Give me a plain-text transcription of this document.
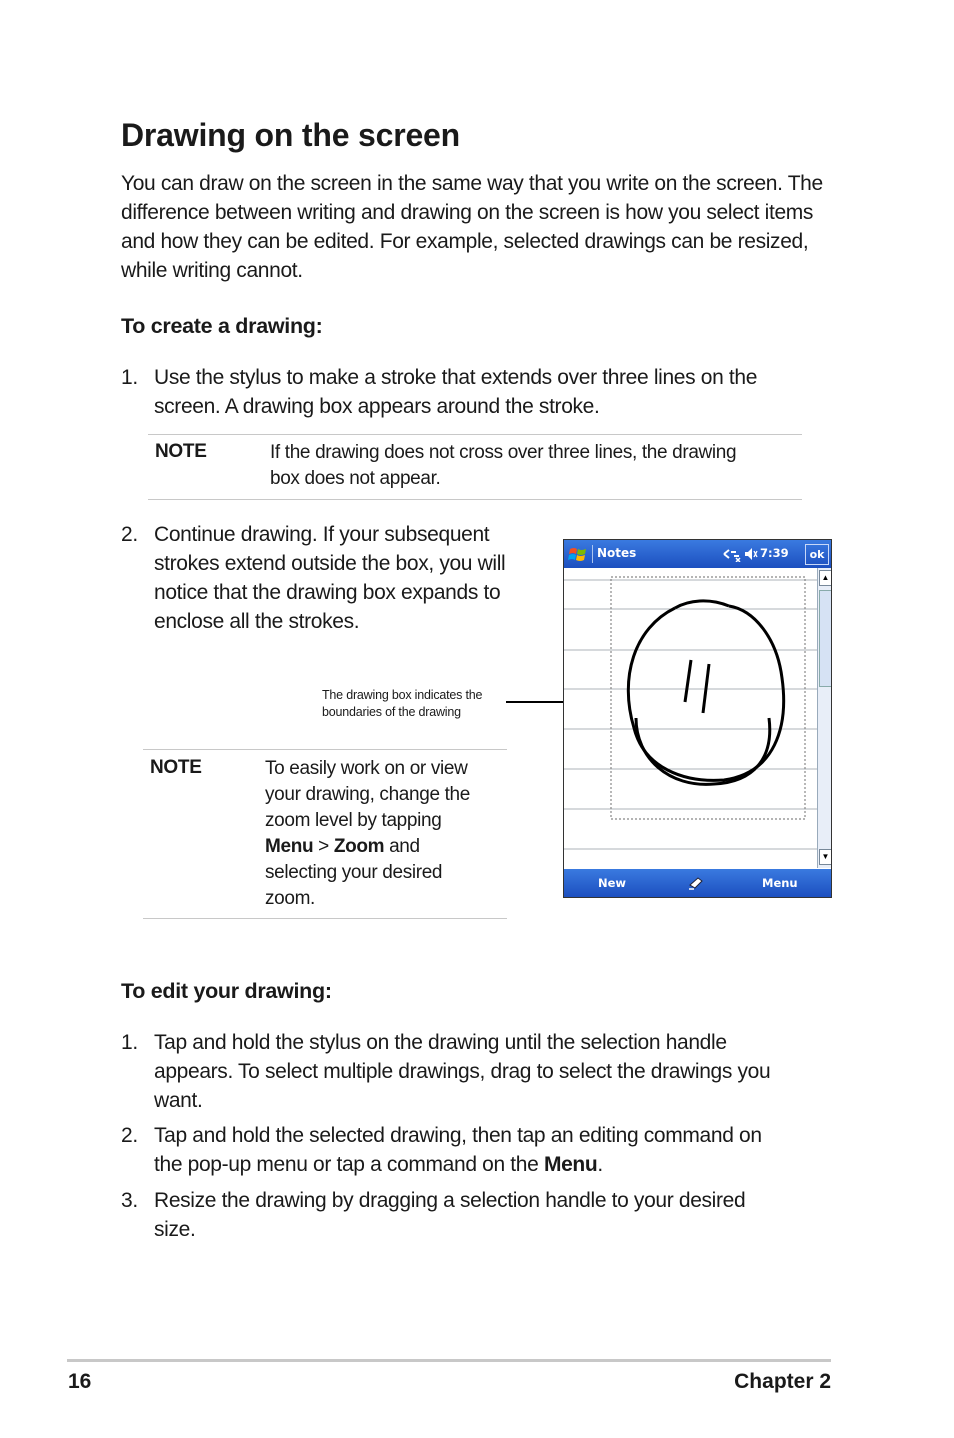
Drawing on the screen
You can draw on the screen in the same way that you write on the screen. The difference between writing and drawing on the screen is how you select items and how they can be edited. For example, selected drawings can be resized, while writing cannot.
To create a drawing:
1. Use the stylus to make a stroke that extends over three lines on the
screen. A drawing box appears around the stroke.
NOTE	If the drawing does not cross over three lines, the drawing
box does not appear.
2. Continue drawing. If your subsequent
strokes extend outside the box, you will
notice that the drawing box expands to
enclose all the strokes.
The drawing box indicates the
boundaries of the drawing
NOTE	To easily work on or view
your drawing, change the
zoom level by tapping
Menu > Zoom and
selecting your desired
zoom.
Notes	7:39	ok
▲
▼
New	Menu
To edit your drawing:
1. Tap and hold the stylus on the drawing until the selection handle
appears. To select multiple drawings, drag to select the drawings you
want.
2. Tap and hold the selected drawing, then tap an editing command on
the pop-up menu or tap a command on the Menu.
3. Resize the drawing by dragging a selection handle to your desired
size.
16	Chapter 2
